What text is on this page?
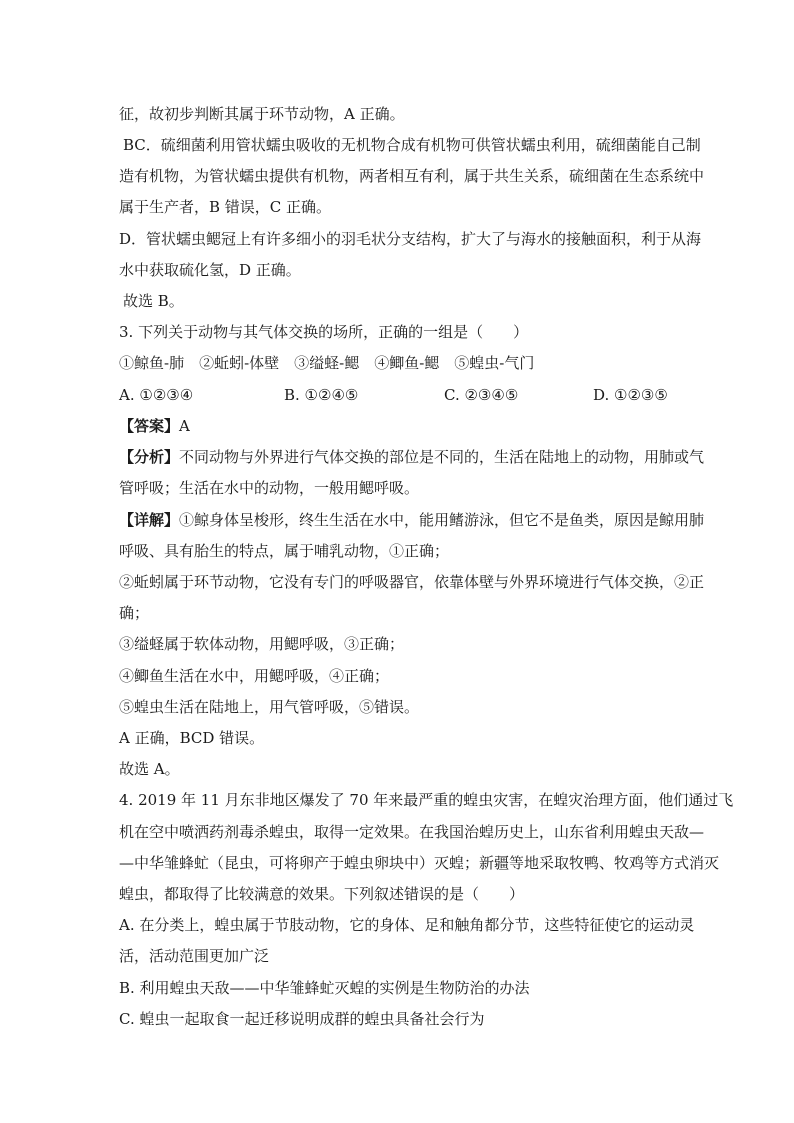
征，故初步判断其属于环节动物，A 正确。
BC．硫细菌利用管状蠕虫吸收的无机物合成有机物可供管状蠕虫利用，硫细菌能自己制
造有机物，为管状蠕虫提供有机物，两者相互有利，属于共生关系，硫细菌在生态系统中
属于生产者，B 错误，C 正确。
D．管状蠕虫鳃冠上有许多细小的羽毛状分支结构，扩大了与海水的接触面积，利于从海
水中获取硫化氢，D 正确。
故选 B。
3. 下列关于动物与其气体交换的场所，正确的一组是（　　）
①鲸鱼-肺　②蚯蚓-体壁　③缢蛏-鳃　④鲫鱼-鳃　⑤蝗虫-气门
A. ①②③④	B. ①②④⑤	C. ②③④⑤	D. ①②③⑤
【答案】A
【分析】不同动物与外界进行气体交换的部位是不同的，生活在陆地上的动物，用肺或气
管呼吸；生活在水中的动物，一般用鳃呼吸。
【详解】①鲸身体呈梭形，终生生活在水中，能用鳍游泳，但它不是鱼类，原因是鲸用肺
呼吸、具有胎生的特点，属于哺乳动物，①正确；
②蚯蚓属于环节动物，它没有专门的呼吸器官，依靠体壁与外界环境进行气体交换，②正
确；
③缢蛏属于软体动物，用鳃呼吸，③正确；
④鲫鱼生活在水中，用鳃呼吸，④正确；
⑤蝗虫生活在陆地上，用气管呼吸，⑤错误。
A 正确，BCD 错误。
故选 A。
4. 2019 年 11 月东非地区爆发了 70 年来最严重的蝗虫灾害，在蝗灾治理方面，他们通过飞
机在空中喷洒药剂毒杀蝗虫，取得一定效果。在我国治蝗历史上，山东省利用蝗虫天敌—
—中华雏蜂虻（昆虫，可将卵产于蝗虫卵块中）灭蝗；新疆等地采取牧鸭、牧鸡等方式消灭
蝗虫，都取得了比较满意的效果。下列叙述错误的是（　　）
A. 在分类上，蝗虫属于节肢动物，它的身体、足和触角都分节，这些特征使它的运动灵
活，活动范围更加广泛
B. 利用蝗虫天敌——中华雏蜂虻灭蝗的实例是生物防治的办法
C. 蝗虫一起取食一起迁移说明成群的蝗虫具备社会行为
